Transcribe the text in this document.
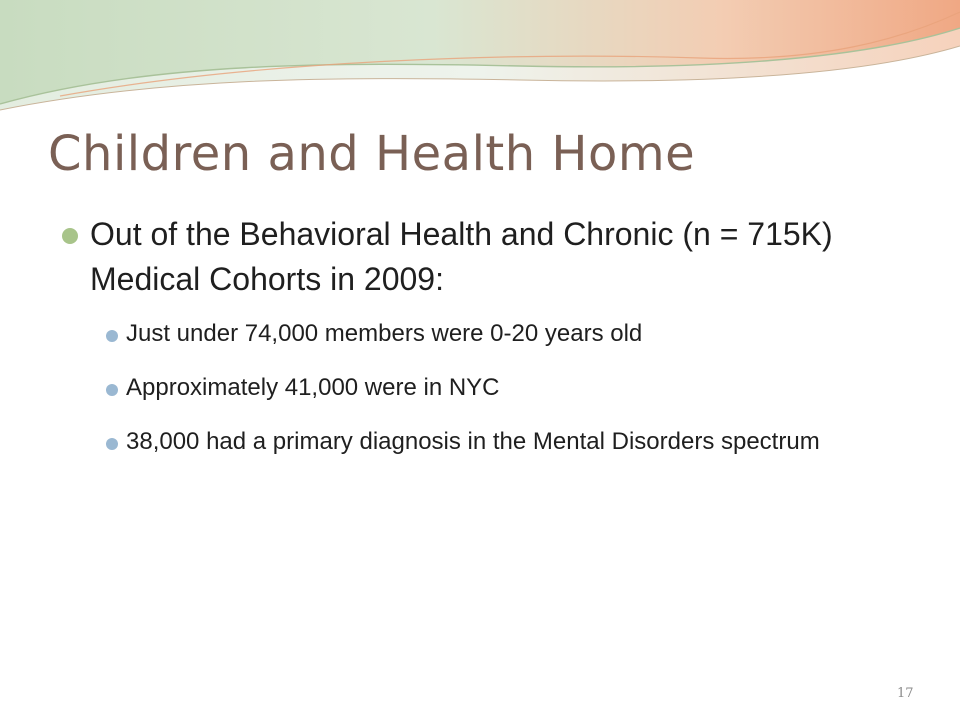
Children and Health Home
Out of the Behavioral Health and Chronic (n = 715K) Medical Cohorts in 2009:
Just under 74,000 members were 0-20 years old
Approximately 41,000 were in NYC
38,000 had a primary diagnosis in the Mental Disorders spectrum
17
